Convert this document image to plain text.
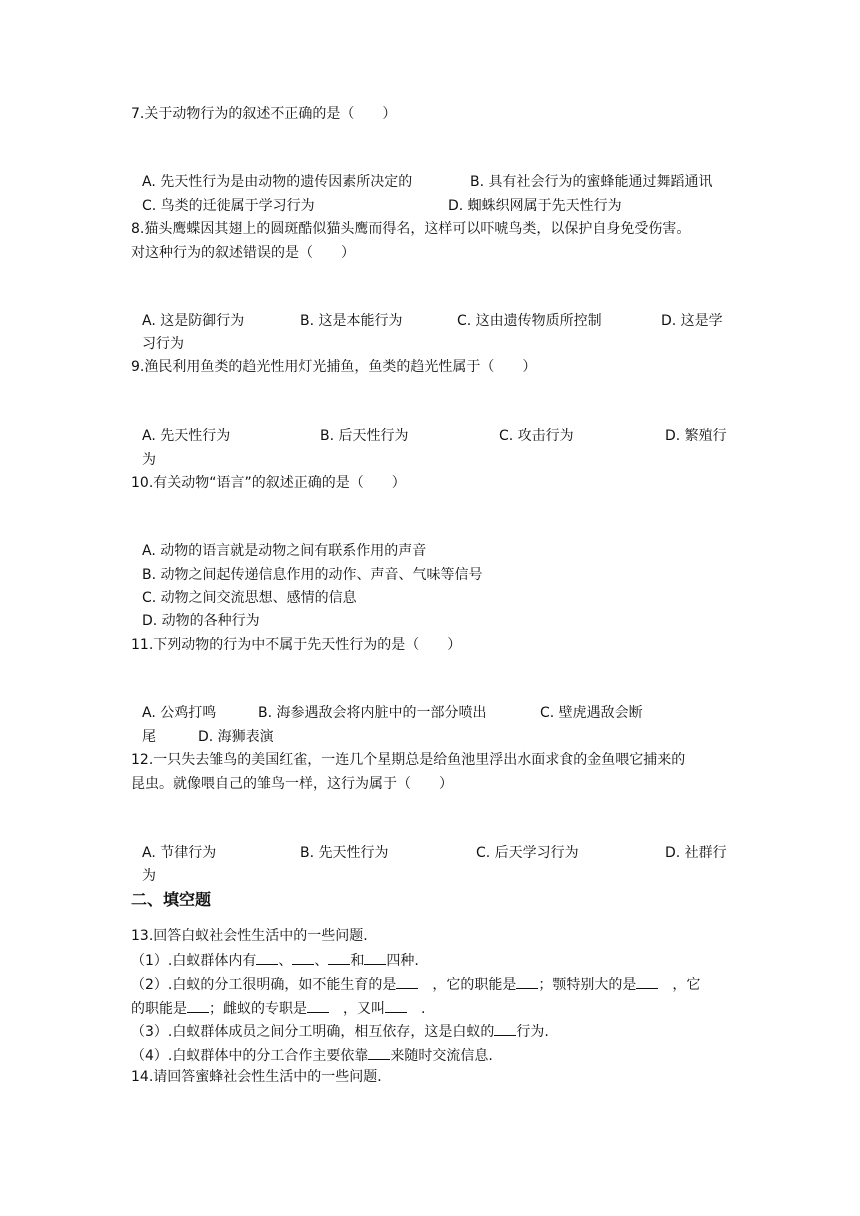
7.关于动物行为的叙述不正确的是（　　）
A. 先天性行为是由动物的遗传因素所决定的	B. 具有社会行为的蜜蜂能通过舞蹈通讯
C. 鸟类的迁徙属于学习行为	D. 蜘蛛织网属于先天性行为
8.猫头鹰蝶因其翅上的圆斑酷似猫头鹰而得名，这样可以吓唬鸟类，以保护自身免受伤害。
对这种行为的叙述错误的是（　　）
A. 这是防御行为	B. 这是本能行为	C. 这由遗传物质所控制	D. 这是学
习行为
9.渔民利用鱼类的趋光性用灯光捕鱼，鱼类的趋光性属于（　　）
A. 先天性行为	B. 后天性行为	C. 攻击行为	D. 繁殖行
为
10.有关动物“语言”的叙述正确的是（　　）
A. 动物的语言就是动物之间有联系作用的声音
B. 动物之间起传递信息作用的动作、声音、气味等信号
C. 动物之间交流思想、感情的信息
D. 动物的各种行为
11.下列动物的行为中不属于先天性行为的是（　　）
A. 公鸡打鸣	B. 海参遇敌会将内脏中的一部分喷出	C. 壁虎遇敌会断
尾	D. 海狮表演
12.一只失去雏鸟的美国红雀，一连几个星期总是给鱼池里浮出水面求食的金鱼喂它捕来的
昆虫。就像喂自己的雏鸟一样，这行为属于（　　）
A. 节律行为	B. 先天性行为	C. 后天学习行为	D. 社群行
为
二、填空题
13.回答白蚁社会性生活中的一些问题.
（1）.白蚁群体内有 、 、 和 四种.
（2）.白蚁的分工很明确，如不能生育的是　	，它的职能是 ；颚特别大的是　	，它
的职能是 ；雌蚁的专职是　	，又叫　	.
（3）.白蚁群体成员之间分工明确，相互依存，这是白蚁的 行为.
（4）.白蚁群体中的分工合作主要依靠 来随时交流信息.
14.请回答蜜蜂社会性生活中的一些问题.
